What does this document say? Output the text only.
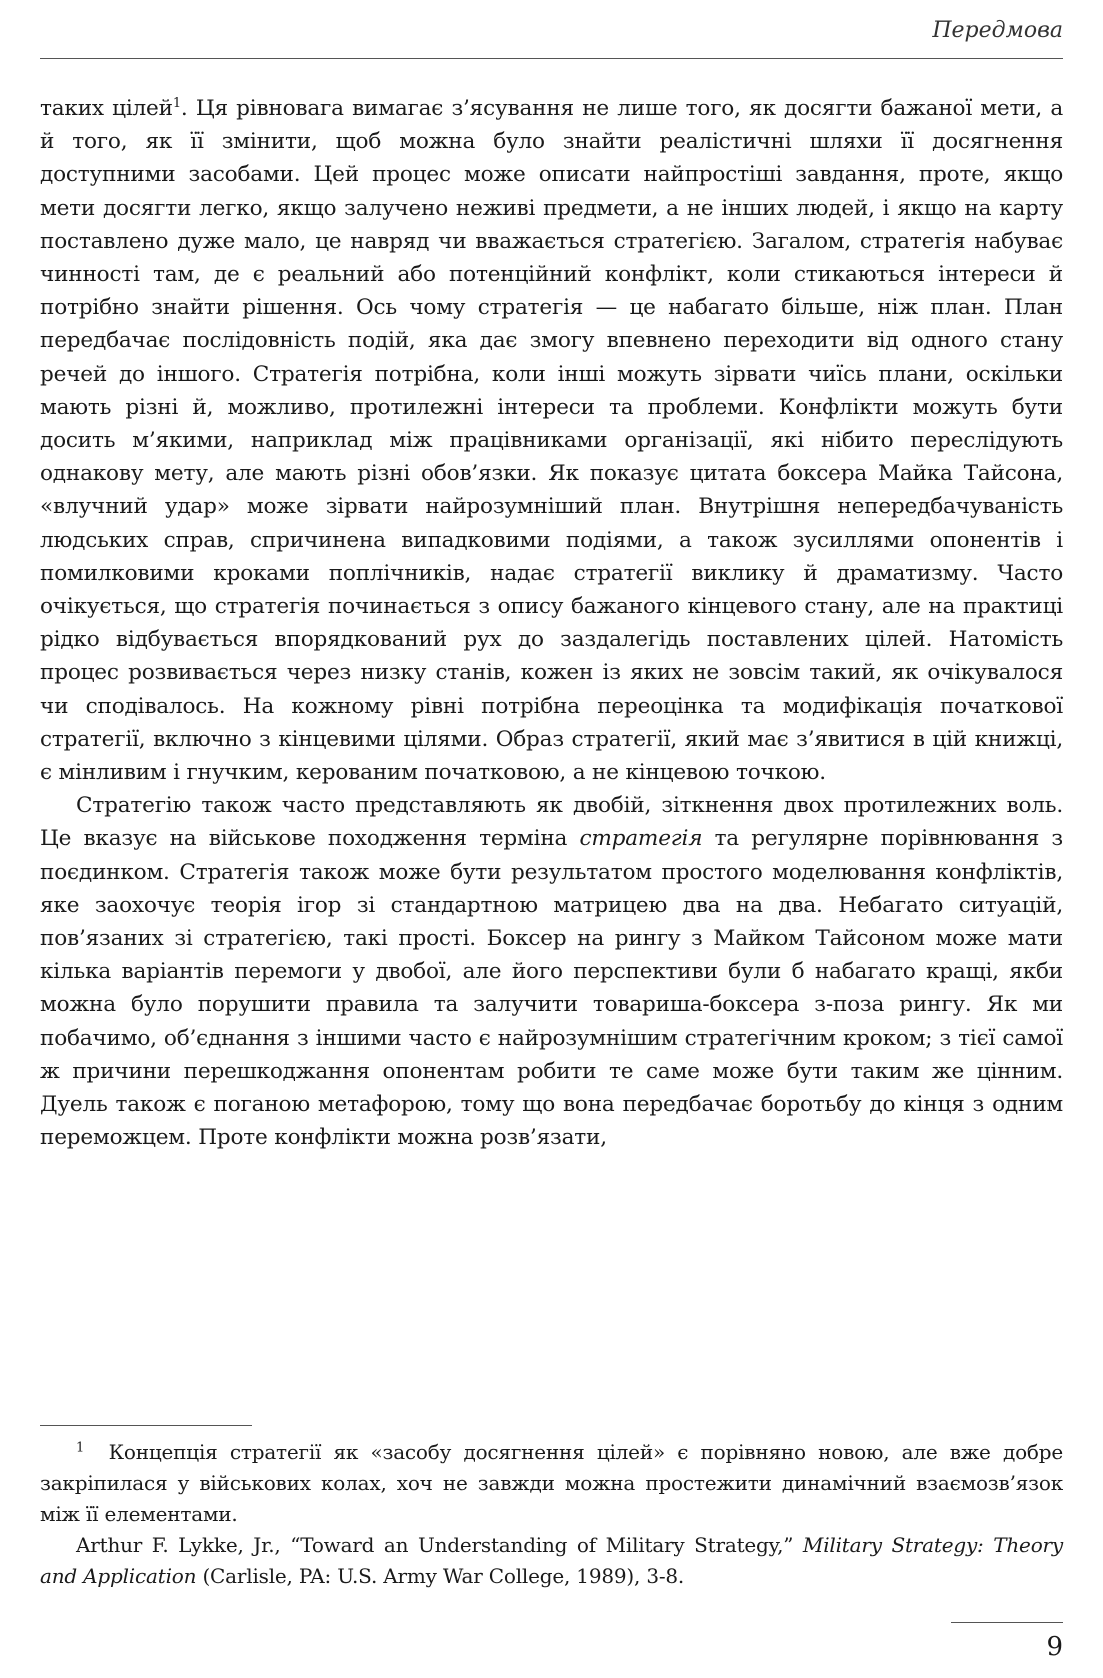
Передмова

таких цілей$^1$. Ця рівновага вимагає з’ясування не лише того, як досягти бажаної мети, а й того, як її змінити, щоб можна було знайти реалістичні шляхи її досягнення доступними засобами. Цей процес може описати найпростіші завдання, проте, якщо мети досягти легко, якщо залучено неживі предмети, а не інших людей, і якщо на карту поставлено дуже мало, це навряд чи вважається стратегією. Загалом, стратегія набуває чинності там, де є реальний або потенційний конфлікт, коли стикаються інтереси й потрібно знайти рішення. Ось чому стратегія — це набагато більше, ніж план. План передбачає послідовність подій, яка дає змогу впевнено переходити від одного стану речей до іншого. Стратегія потрібна, коли інші можуть зірвати чиїсь плани, оскільки мають різні й, можливо, протилежні інтереси та проблеми. Конфлікти можуть бути досить м’якими, наприклад між працівниками організації, які нібито переслідують однакову мету, але мають різні обов’язки. Як показує цитата боксера Майка Тайсона, «влучний удар» може зірвати найрозумніший план. Внутрішня непередбачуваність людських справ, спричинена випадковими подіями, а також зусиллями опонентів і помилковими кроками поплічників, надає стратегії виклику й драматизму. Часто очікується, що стратегія починається з опису бажаного кінцевого стану, але на практиці рідко відбувається впорядкований рух до заздалегідь поставлених цілей. Натомість процес розвивається через низку станів, кожен із яких не зовсім такий, як очікувалося чи сподівалось. На кожному рівні потрібна переоцінка та модифікація початкової стратегії, включно з кінцевими цілями. Образ стратегії, який має з’явитися в цій книжці, є мінливим і гнучким, керованим початковою, а не кінцевою точкою.

Стратегію також часто представляють як двобій, зіткнення двох протилежних воль. Це вказує на військове походження терміна стратегія та регулярне порівнювання з поєдинком. Стратегія також може бути результатом простого моделювання конфліктів, яке заохочує теорія ігор зі стандартною матрицею два на два. Небагато ситуацій, пов’язаних зі стратегією, такі прості. Боксер на рингу з Майком Тайсоном може мати кілька варіантів перемоги у двобої, але його перспективи були б набагато кращі, якби можна було порушити правила та залучити товариша-боксера з-поза рингу. Як ми побачимо, об’єднання з іншими часто є найрозумнішим стратегічним кроком; з тієї самої ж причини перешкоджання опонентам робити те саме може бути таким же цінним. Дуель також є поганою метафорою, тому що вона передбачає боротьбу до кінця з одним переможцем. Проте конфлікти можна розв’язати,

$^1$ Концепція стратегії як «засобу досягнення цілей» є порівняно новою, але вже добре закріпилася у військових колах, хоч не завжди можна простежити динамічний взаємозв’язок між її елементами.

Arthur F. Lykke, Jr., “Toward an Understanding of Military Strategy,” Military Strategy: Theory and Application (Carlisle, PA: U.S. Army War College, 1989), 3-8.

9
